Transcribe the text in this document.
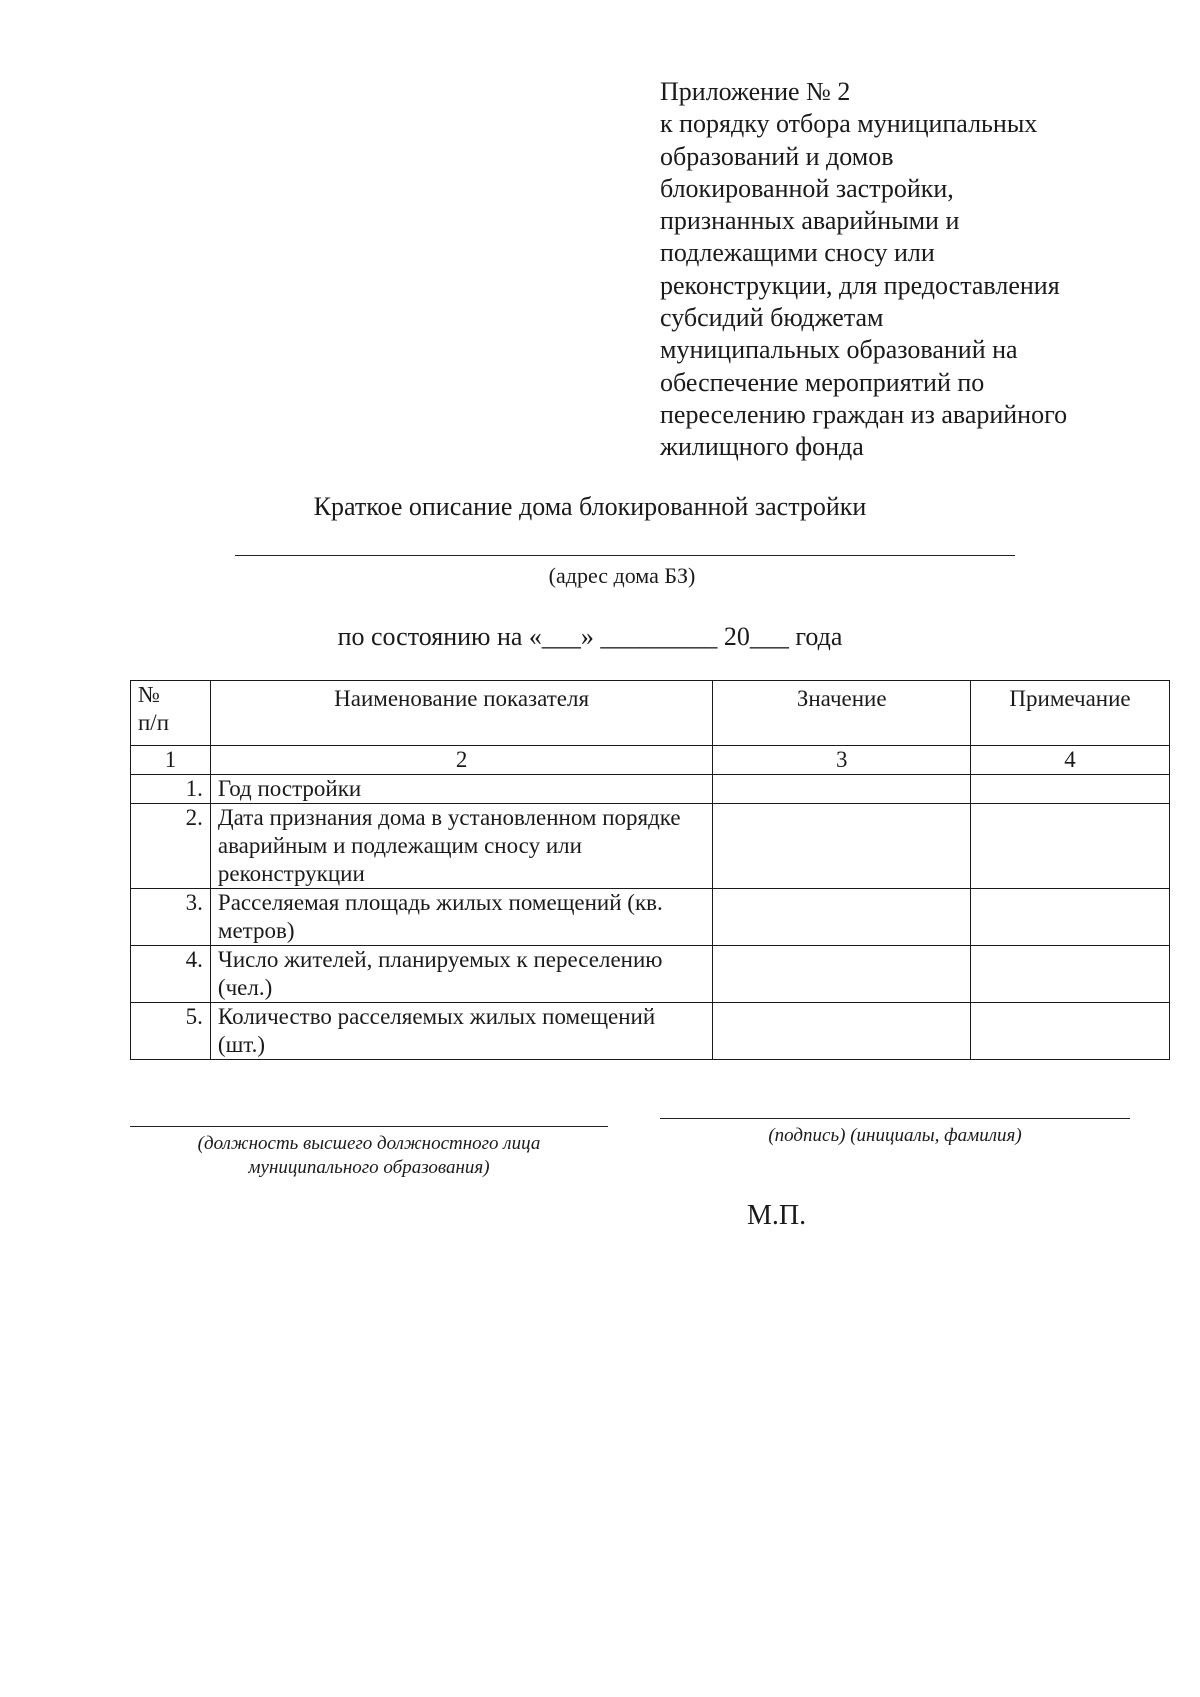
Приложение № 2
к порядку отбора муниципальных
образований и домов
блокированной застройки,
признанных аварийными и
подлежащими сносу или
реконструкции, для предоставления
субсидий бюджетам
муниципальных образований на
обеспечение мероприятий по
переселению граждан из аварийного
жилищного фонда
Краткое описание дома блокированной застройки
(адрес дома БЗ)
по состоянию на «___» _________ 20___ года
№
п/п	Наименование показателя	Значение	Примечание
1	2	3	4
1.	Год постройки		
2.	Дата признания дома в установленном порядке аварийным и подлежащим сносу или реконструкции		
3.	Расселяемая площадь жилых помещений (кв. метров)		
4.	Число жителей, планируемых к переселению (чел.)		
5.	Количество расселяемых жилых помещений (шт.)		
(должность высшего должностного лица
муниципального образования)
(подпись) (инициалы, фамилия)
М.П.
